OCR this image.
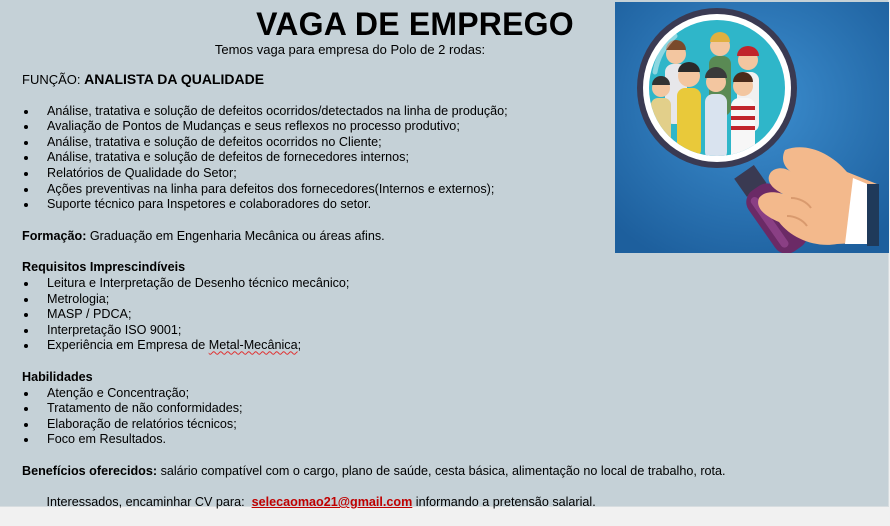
VAGA DE EMPREGO
Temos vaga para empresa do Polo de 2 rodas:
FUNÇÃO: ANALISTA DA QUALIDADE
Análise, tratativa e solução de defeitos ocorridos/detectados na linha de produção;
Avaliação de Pontos de Mudanças e seus reflexos no processo produtivo;
Análise, tratativa e solução de defeitos ocorridos no Cliente;
Análise, tratativa e solução de defeitos de fornecedores internos;
Relatórios de Qualidade do Setor;
Ações preventivas na linha para defeitos dos fornecedores(Internos e externos);
Suporte técnico para Inspetores e colaboradores do setor.
Formação: Graduação em Engenharia Mecânica ou áreas afins.
Requisitos Imprescindíveis
Leitura e Interpretação de Desenho técnico mecânico;
Metrologia;
MASP / PDCA;
Interpretação ISO 9001;
Experiência em Empresa de Metal-Mecânica;
Habilidades
Atenção e Concentração;
Tratamento de não conformidades;
Elaboração de relatórios técnicos;
Foco em Resultados.
Benefícios oferecidos: salário compatível com o cargo, plano de saúde, cesta básica, alimentação no local de trabalho, rota.

Interessados, encaminhar CV para:  selecaomao21@gmail.com informando a pretensão salarial.
